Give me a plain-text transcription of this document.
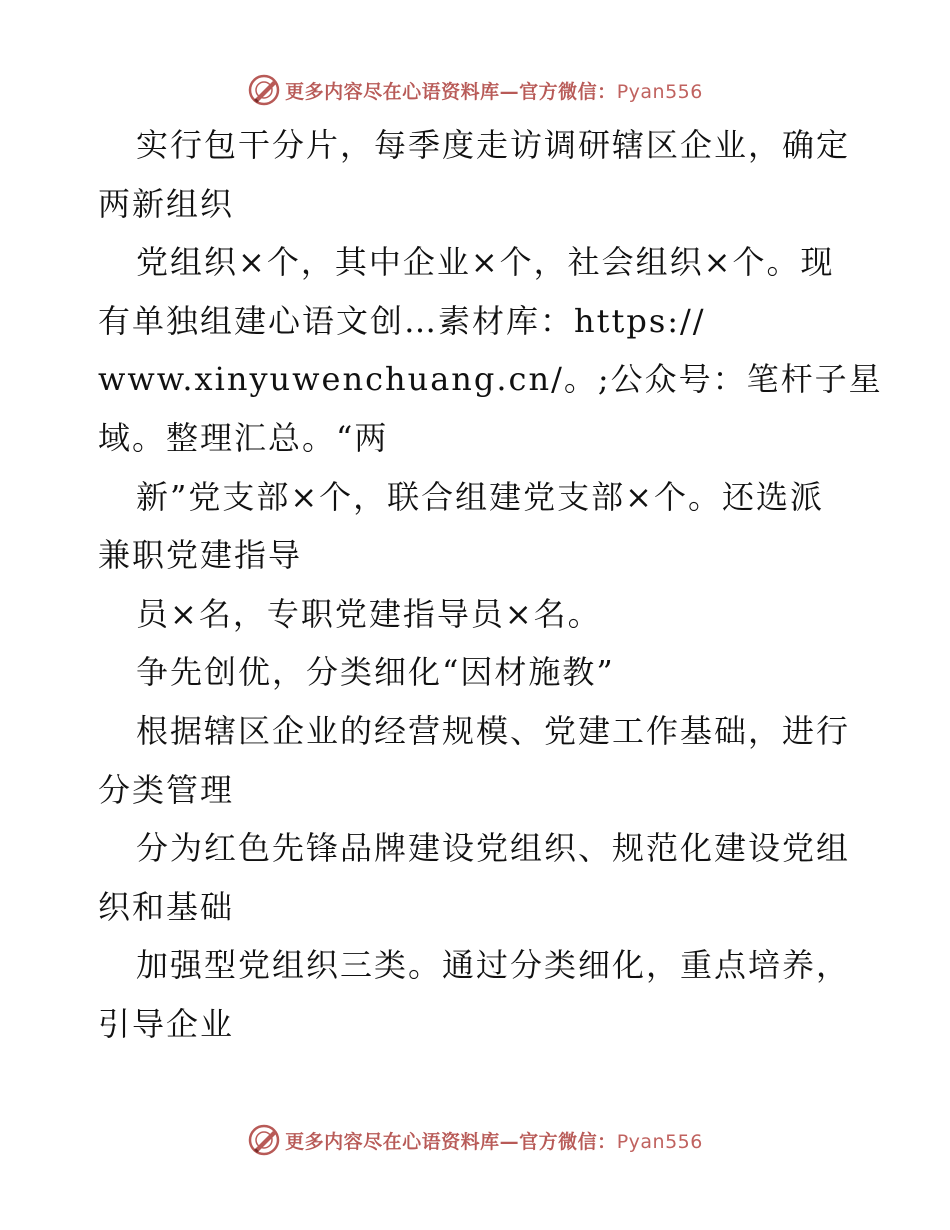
更多内容尽在心语资料库—官方微信：Pyan556
实行包干分片，每季度走访调研辖区企业，确定
两新组织
党组织×个，其中企业×个，社会组织×个。现
有单独组建心语文创…素材库：https://
www.xinyuwenchuang.cn/。;公众号：笔杆子星
域。整理汇总。“两
新”党支部×个，联合组建党支部×个。还选派
兼职党建指导
员×名，专职党建指导员×名。
争先创优，分类细化“因材施教”
根据辖区企业的经营规模、党建工作基础，进行
分类管理
分为红色先锋品牌建设党组织、规范化建设党组
织和基础
加强型党组织三类。通过分类细化，重点培养，
引导企业
更多内容尽在心语资料库—官方微信：Pyan556
